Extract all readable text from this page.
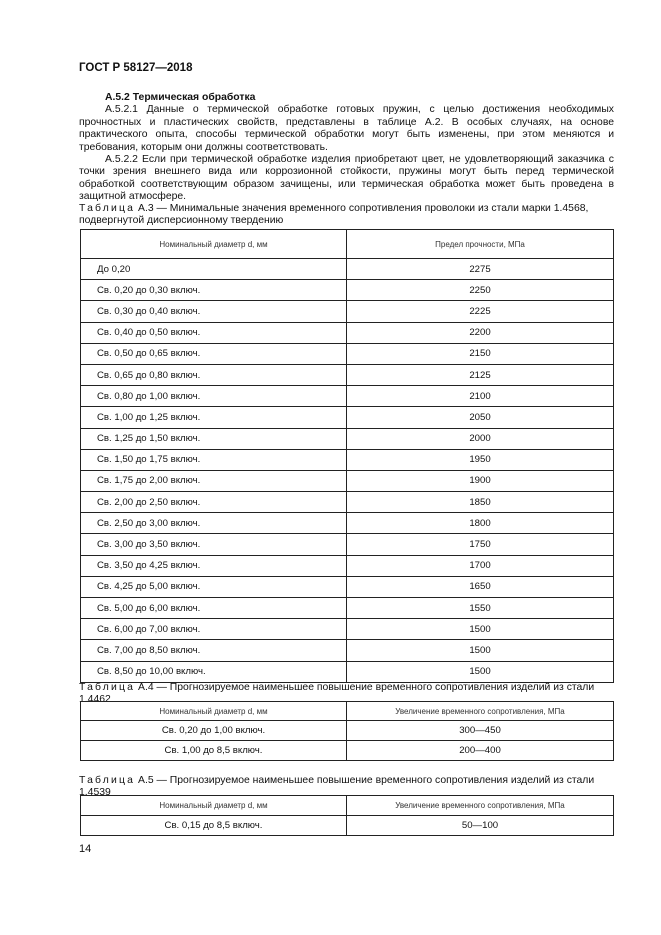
ГОСТ Р 58127—2018
А.5.2 Термическая обработка

А.5.2.1 Данные о термической обработке готовых пружин, с целью достижения необходимых прочностных и пластических свойств, представлены в таблице А.2. В особых случаях, на основе практического опыта, способы термической обработки могут быть изменены, при этом меняются и требования, которым они должны соответствовать.

А.5.2.2 Если при термической обработке изделия приобретают цвет, не удовлетворяющий заказчика с точки зрения внешнего вида или коррозионной стойкости, пружины могут быть перед термической обработкой соответствующим образом зачищены, или термическая обработка может быть проведена в защитной атмосфере.

Таблица А.3 — Минимальные значения временного сопротивления проволоки из стали марки 1.4568, подвергнутой дисперсионному твердению
Номинальный диаметр d, мм	Предел прочности, МПа
До 0,20	2275
Св. 0,20 до 0,30 включ.	2250
Св. 0,30 до 0,40 включ.	2225
Св. 0,40 до 0,50 включ.	2200
Св. 0,50 до 0,65 включ.	2150
Св. 0,65 до 0,80 включ.	2125
Св. 0,80 до 1,00 включ.	2100
Св. 1,00 до 1,25 включ.	2050
Св. 1,25 до 1,50 включ.	2000
Св. 1,50 до 1,75 включ.	1950
Св. 1,75 до 2,00 включ.	1900
Св. 2,00 до 2,50 включ.	1850
Св. 2,50 до 3,00 включ.	1800
Св. 3,00 до 3,50 включ.	1750
Св. 3,50 до 4,25 включ.	1700
Св. 4,25 до 5,00 включ.	1650
Св. 5,00 до 6,00 включ.	1550
Св. 6,00 до 7,00 включ.	1500
Св. 7,00 до 8,50 включ.	1500
Св. 8,50 до 10,00 включ.	1500
Таблица А.4 — Прогнозируемое наименьшее повышение временного сопротивления изделий из стали 1.4462
Номинальный диаметр d, мм	Увеличение временного сопротивления, МПа
Св. 0,20 до 1,00 включ.	300—450
Св. 1,00 до 8,5 включ.	200—400
Таблица А.5 — Прогнозируемое наименьшее повышение временного сопротивления изделий из стали 1.4539
Номинальный диаметр d, мм	Увеличение временного сопротивления, МПа
Св. 0,15 до 8,5 включ.	50—100
14
